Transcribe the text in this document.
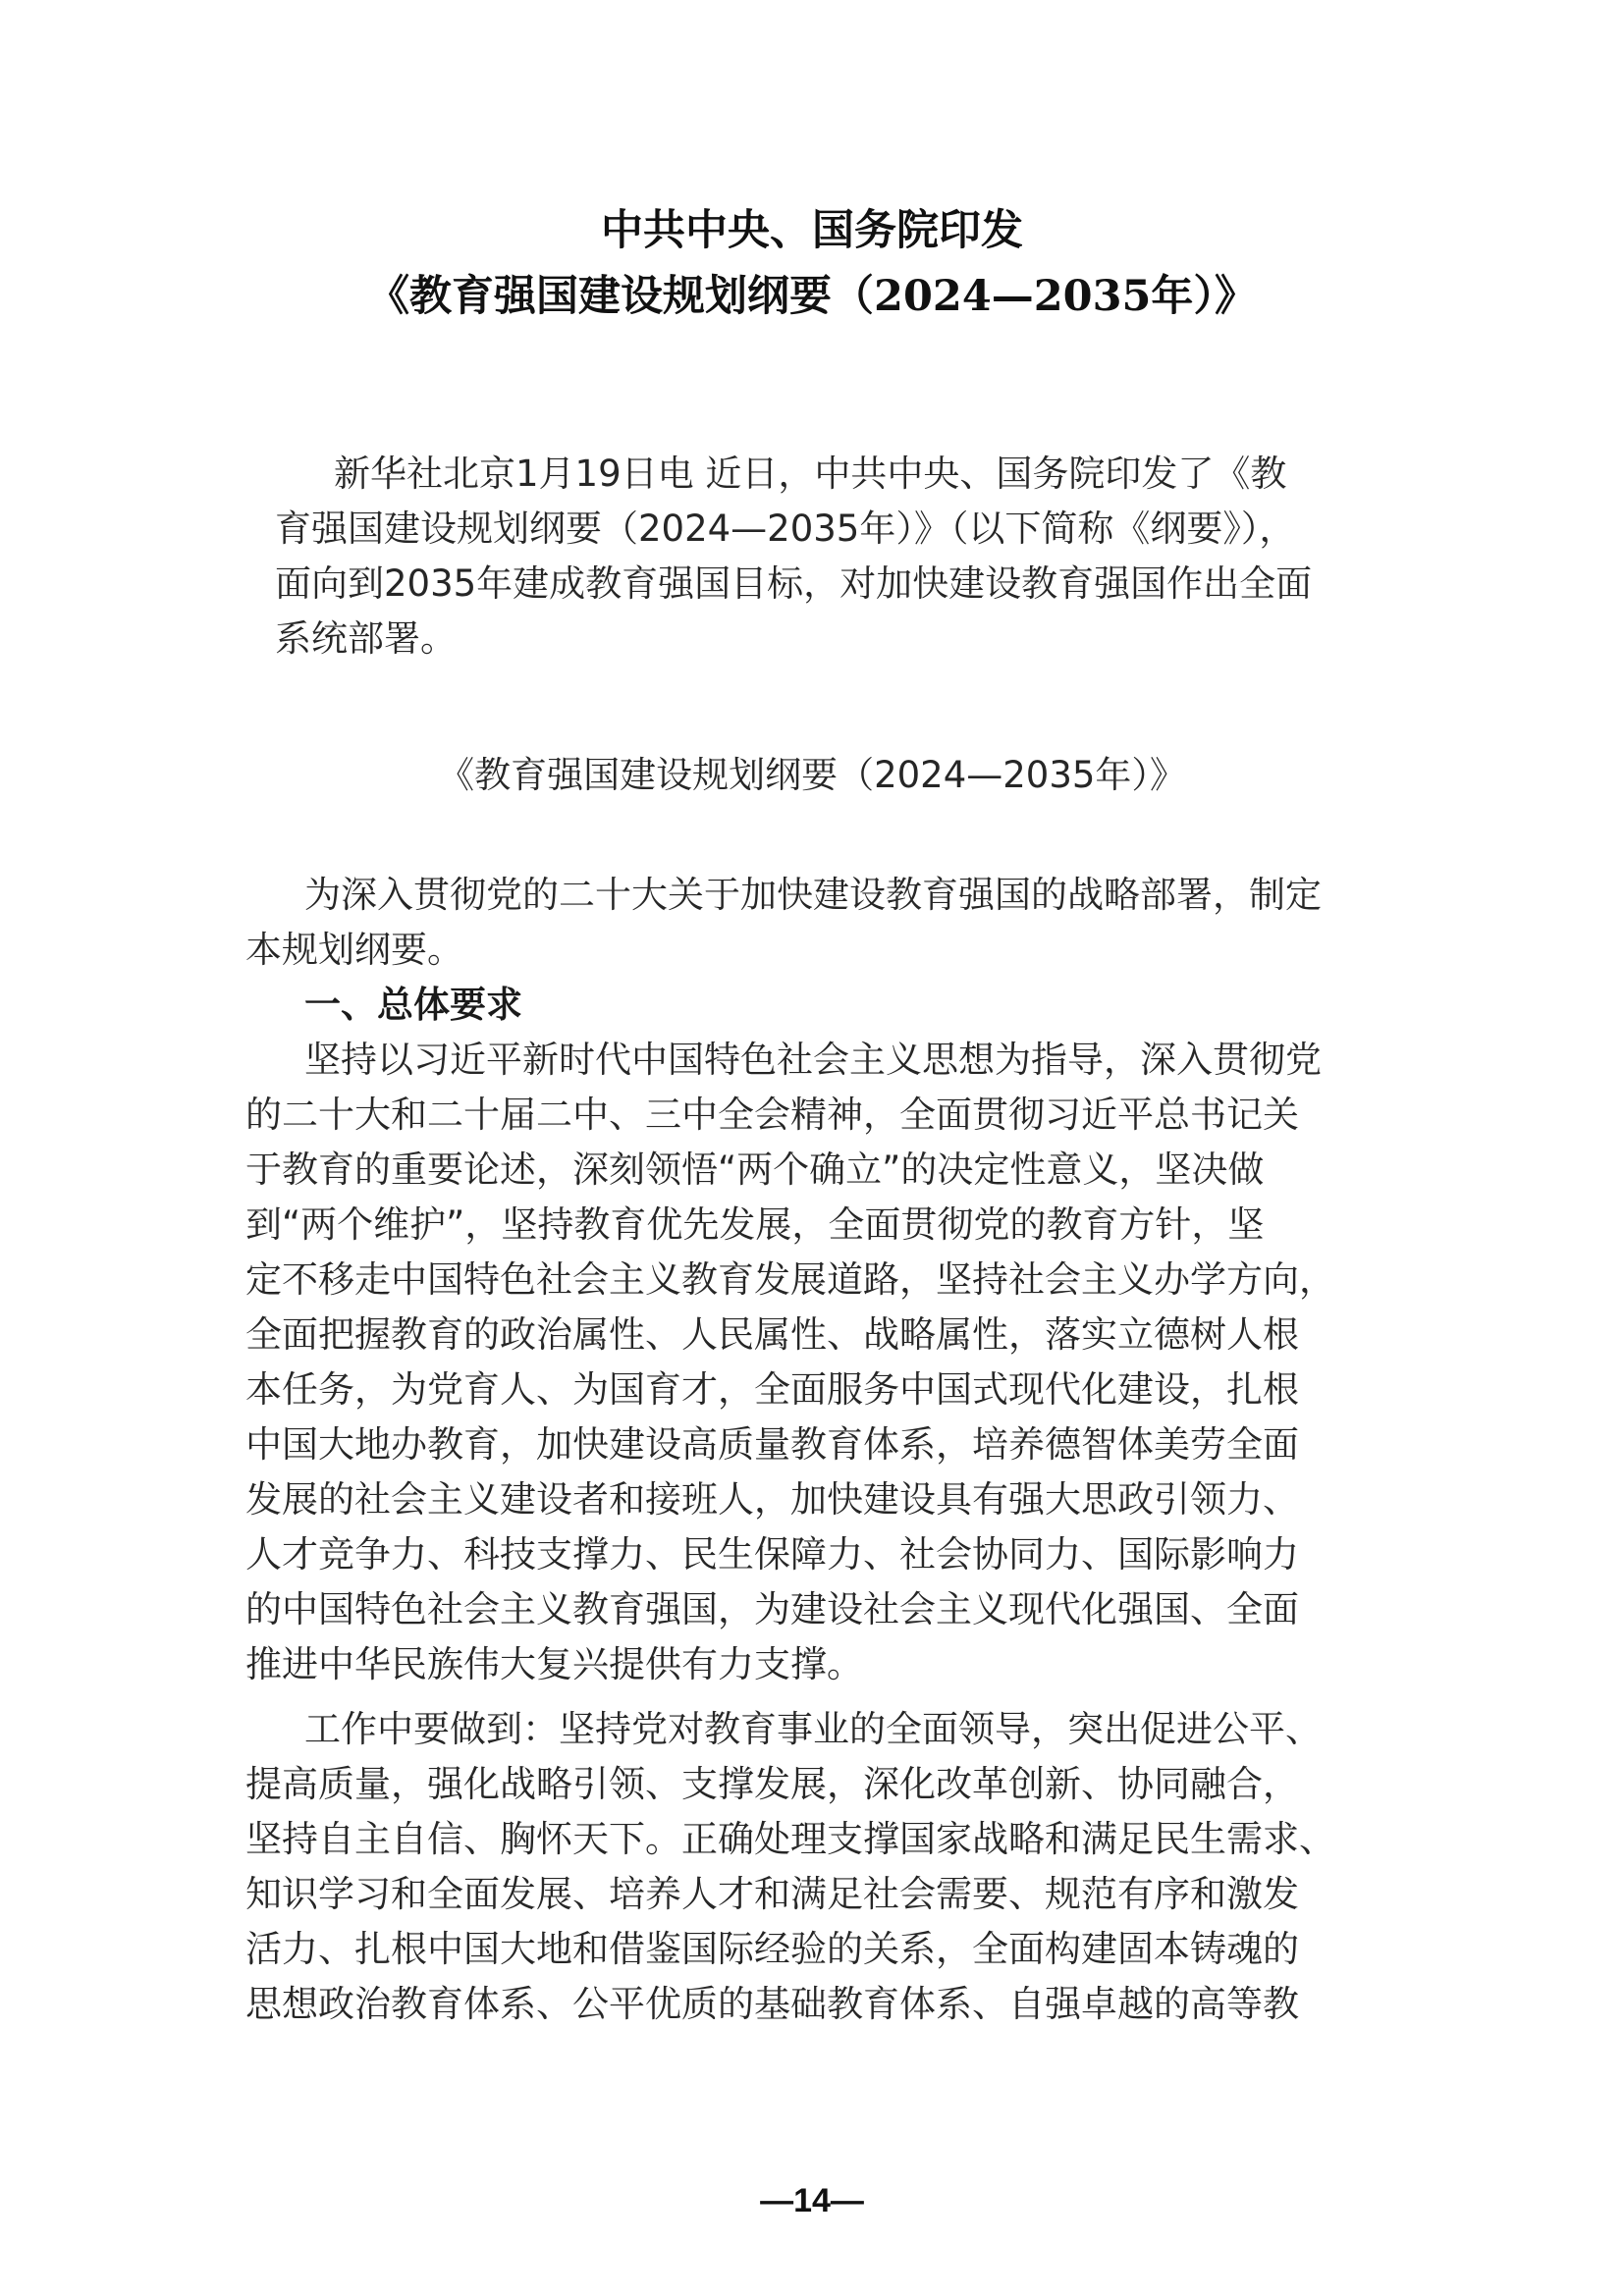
中共中央、国务院印发
《教育强国建设规划纲要（2024—2035年）》
新华社北京1月19日电 近日，中共中央、国务院印发了《教
育强国建设规划纲要（2024—2035年）》（以下简称《纲要》），
面向到2035年建成教育强国目标，对加快建设教育强国作出全面
系统部署。
《教育强国建设规划纲要（2024—2035年）》
为深入贯彻党的二十大关于加快建设教育强国的战略部署，制定
本规划纲要。
一、总体要求
坚持以习近平新时代中国特色社会主义思想为指导，深入贯彻党
的二十大和二十届二中、三中全会精神，全面贯彻习近平总书记关
于教育的重要论述，深刻领悟“两个确立”的决定性意义，坚决做
到“两个维护”，坚持教育优先发展，全面贯彻党的教育方针，坚
定不移走中国特色社会主义教育发展道路，坚持社会主义办学方向，
全面把握教育的政治属性、人民属性、战略属性，落实立德树人根
本任务，为党育人、为国育才，全面服务中国式现代化建设，扎根
中国大地办教育，加快建设高质量教育体系，培养德智体美劳全面
发展的社会主义建设者和接班人，加快建设具有强大思政引领力、
人才竞争力、科技支撑力、民生保障力、社会协同力、国际影响力
的中国特色社会主义教育强国，为建设社会主义现代化强国、全面
推进中华民族伟大复兴提供有力支撑。
工作中要做到：坚持党对教育事业的全面领导，突出促进公平、
提高质量，强化战略引领、支撑发展，深化改革创新、协同融合，
坚持自主自信、胸怀天下。正确处理支撑国家战略和满足民生需求、
知识学习和全面发展、培养人才和满足社会需要、规范有序和激发
活力、扎根中国大地和借鉴国际经验的关系，全面构建固本铸魂的
思想政治教育体系、公平优质的基础教育体系、自强卓越的高等教
—14—
